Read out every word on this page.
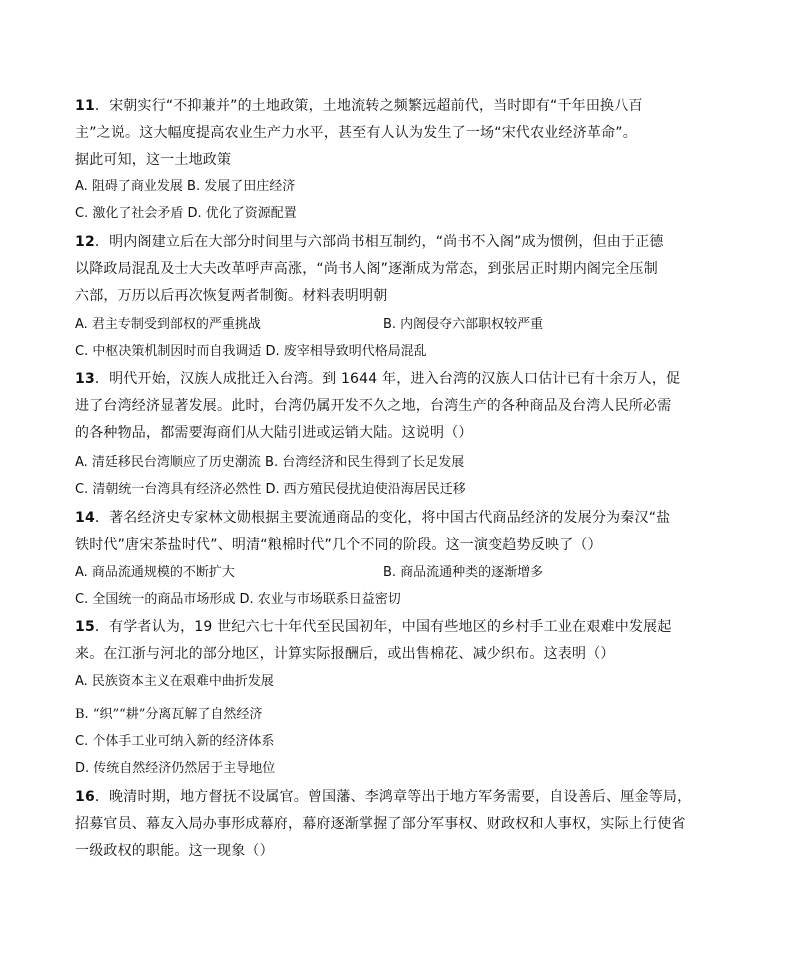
11．宋朝实行“不抑兼并”的土地政策，土地流转之频繁远超前代，当时即有“千年田换八百
主”之说。这大幅度提高农业生产力水平，甚至有人认为发生了一场“宋代农业经济革命”。
据此可知，这一土地政策
A. 阻碍了商业发展 B. 发展了田庄经济
C. 激化了社会矛盾 D. 优化了资源配置
12．明内阁建立后在大部分时间里与六部尚书相互制约，“尚书不入阁”成为惯例，但由于正德
以降政局混乱及士大夫改革呼声高涨，“尚书人阁”逐渐成为常态，到张居正时期内阁完全压制
六部，万历以后再次恢复两者制衡。材料表明明朝
A. 君主专制受到部权的严重挑战	B. 内阁侵夺六部职权较严重
C. 中枢决策机制因时而自我调适 D. 废宰相导致明代格局混乱
13．明代开始，汉族人成批迁入台湾。到 1644 年，进入台湾的汉族人口估计已有十余万人，促
进了台湾经济显著发展。此时，台湾仍属开发不久之地，台湾生产的各种商品及台湾人民所必需
的各种物品，都需要海商们从大陆引进或运销大陆。这说明（）
A. 清廷移民台湾顺应了历史潮流 B. 台湾经济和民生得到了长足发展
C. 清朝统一台湾具有经济必然性 D. 西方殖民侵扰迫使沿海居民迁移
14．著名经济史专家林文勋根据主要流通商品的变化，将中国古代商品经济的发展分为秦汉“盐
铁时代”唐宋茶盐时代”、明清“粮棉时代”几个不同的阶段。这一演变趋势反映了（）
A. 商品流通规模的不断扩大	B. 商品流通种类的逐渐增多
C. 全国统一的商品市场形成 D. 农业与市场联系日益密切
15．有学者认为，19 世纪六七十年代至民国初年，中国有些地区的乡村手工业在艰难中发展起
来。在江浙与河北的部分地区，计算实际报酬后，或出售棉花、减少织布。这表明（）
A. 民族资本主义在艰难中曲折发展
B. “织”“耕”分离瓦解了自然经济
C. 个体手工业可纳入新的经济体系
D. 传统自然经济仍然居于主导地位
16．晚清时期，地方督抚不设属官。曾国藩、李鸿章等出于地方军务需要，自设善后、厘金等局，
招募官员、幕友入局办事形成幕府，幕府逐渐掌握了部分军事权、财政权和人事权，实际上行使省
一级政权的职能。这一现象（）
